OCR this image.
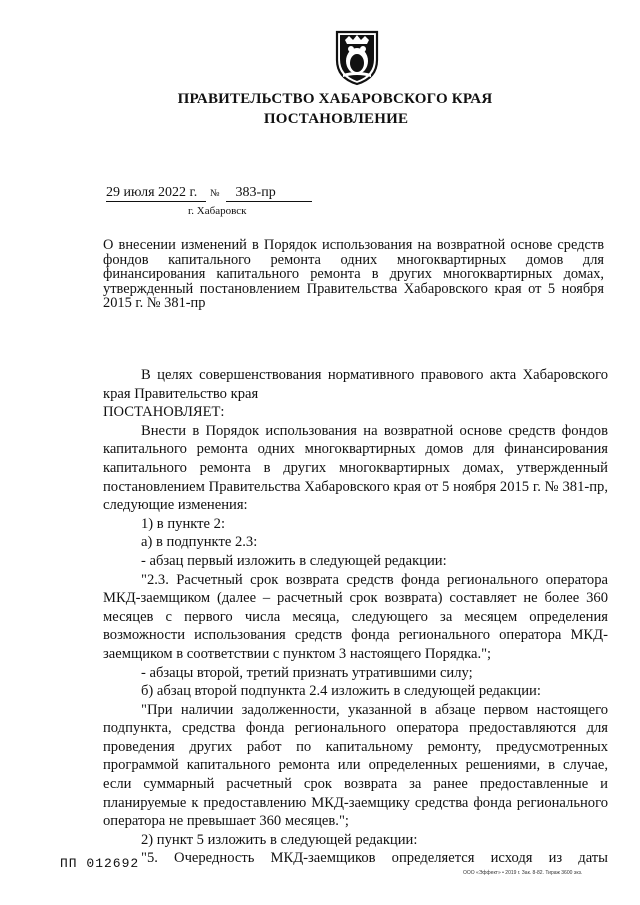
ПРАВИТЕЛЬСТВО ХАБАРОВСКОГО КРАЯ
ПОСТАНОВЛЕНИЕ
29 июля 2022 г. № 383-пр
г. Хабаровск
О внесении изменений в Порядок использования на возвратной основе средств фондов капитального ремонта одних многоквартирных домов для финансирования капитального ремонта в других многоквартирных домах, утвержденный постановлением Правительства Хабаровского края от 5 ноября 2015 г. № 381-пр

В целях совершенствования нормативного правового акта Хабаровского края Правительство края

ПОСТАНОВЛЯЕТ:

Внести в Порядок использования на возвратной основе средств фондов капитального ремонта одних многоквартирных домов для финансирования капитального ремонта в других многоквартирных домах, утвержденный постановлением Правительства Хабаровского края от 5 ноября 2015 г. № 381-пр, следующие изменения:

1) в пункте 2:

а) в подпункте 2.3:

- абзац первый изложить в следующей редакции:

"2.3. Расчетный срок возврата средств фонда регионального оператора МКД-заемщиком (далее – расчетный срок возврата) составляет не более 360 месяцев с первого числа месяца, следующего за месяцем определения возможности использования средств фонда регионального оператора МКД-заемщиком в соответствии с пунктом 3 настоящего Порядка.";

- абзацы второй, третий признать утратившими силу;

б) абзац второй подпункта 2.4 изложить в следующей редакции:

"При наличии задолженности, указанной в абзаце первом настоящего подпункта, средства фонда регионального оператора предоставляются для проведения других работ по капитальному ремонту, предусмотренных программой капитального ремонта или определенных решениями, в случае, если суммарный расчетный срок возврата за ранее предоставленные и планируемые к предоставлению МКД-заемщику средства фонда регионального оператора не превышает 360 месяцев.";

2) пункт 5 изложить в следующей редакции:

"5. Очередность МКД-заемщиков определяется исходя из даты

ПП 012692
ООО «Эффект» • 2019 г. Зак. 8-82. Тираж 3600 экз.
